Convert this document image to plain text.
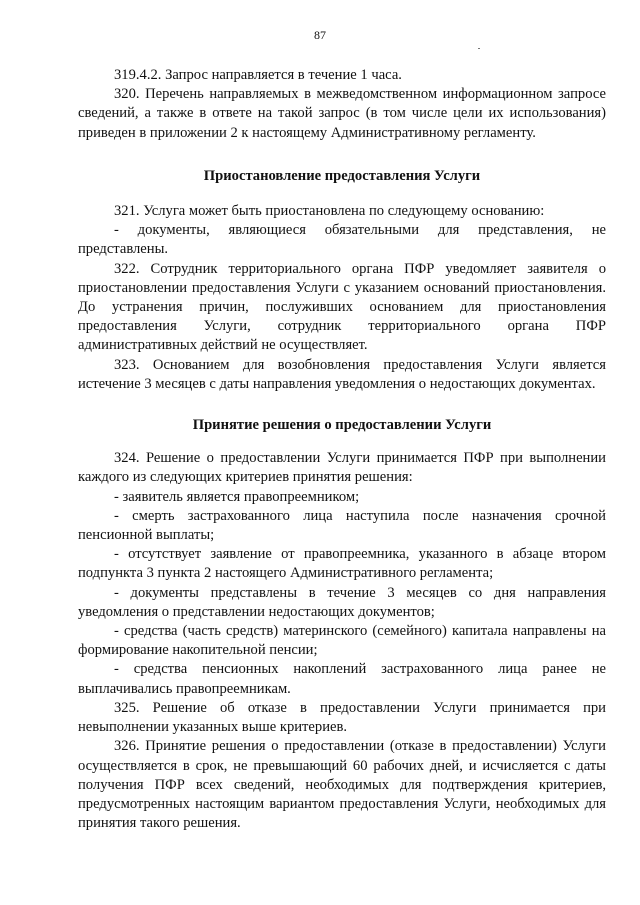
87

319.4.2. Запрос направляется в течение 1 часа.

320. Перечень направляемых в межведомственном информационном запросе сведений, а также в ответе на такой запрос (в том числе цели их использования) приведен в приложении 2 к настоящему Административному регламенту.

Приостановление предоставления Услуги

321. Услуга может быть приостановлена по следующему основанию:

- документы, являющиеся обязательными для представления, не представлены.

322. Сотрудник территориального органа ПФР уведомляет заявителя о приостановлении предоставления Услуги с указанием оснований приостановления. До устранения причин, послуживших основанием для приостановления предоставления Услуги, сотрудник территориального органа ПФР административных действий не осуществляет.

323. Основанием для возобновления предоставления Услуги является истечение 3 месяцев с даты направления уведомления о недостающих документах.

Принятие решения о предоставлении Услуги

324. Решение о предоставлении Услуги принимается ПФР при выполнении каждого из следующих критериев принятия решения:

- заявитель является правопреемником;

- смерть застрахованного лица наступила после назначения срочной пенсионной выплаты;

- отсутствует заявление от правопреемника, указанного в абзаце втором подпункта 3 пункта 2 настоящего Административного регламента;

- документы представлены в течение 3 месяцев со дня направления уведомления о представлении недостающих документов;

- средства (часть средств) материнского (семейного) капитала направлены на формирование накопительной пенсии;

- средства пенсионных накоплений застрахованного лица ранее не выплачивались правопреемникам.

325. Решение об отказе в предоставлении Услуги принимается при невыполнении указанных выше критериев.

326. Принятие решения о предоставлении (отказе в предоставлении) Услуги осуществляется в срок, не превышающий 60 рабочих дней, и исчисляется с даты получения ПФР всех сведений, необходимых для подтверждения критериев, предусмотренных настоящим вариантом предоставления Услуги, необходимых для принятия такого решения.
